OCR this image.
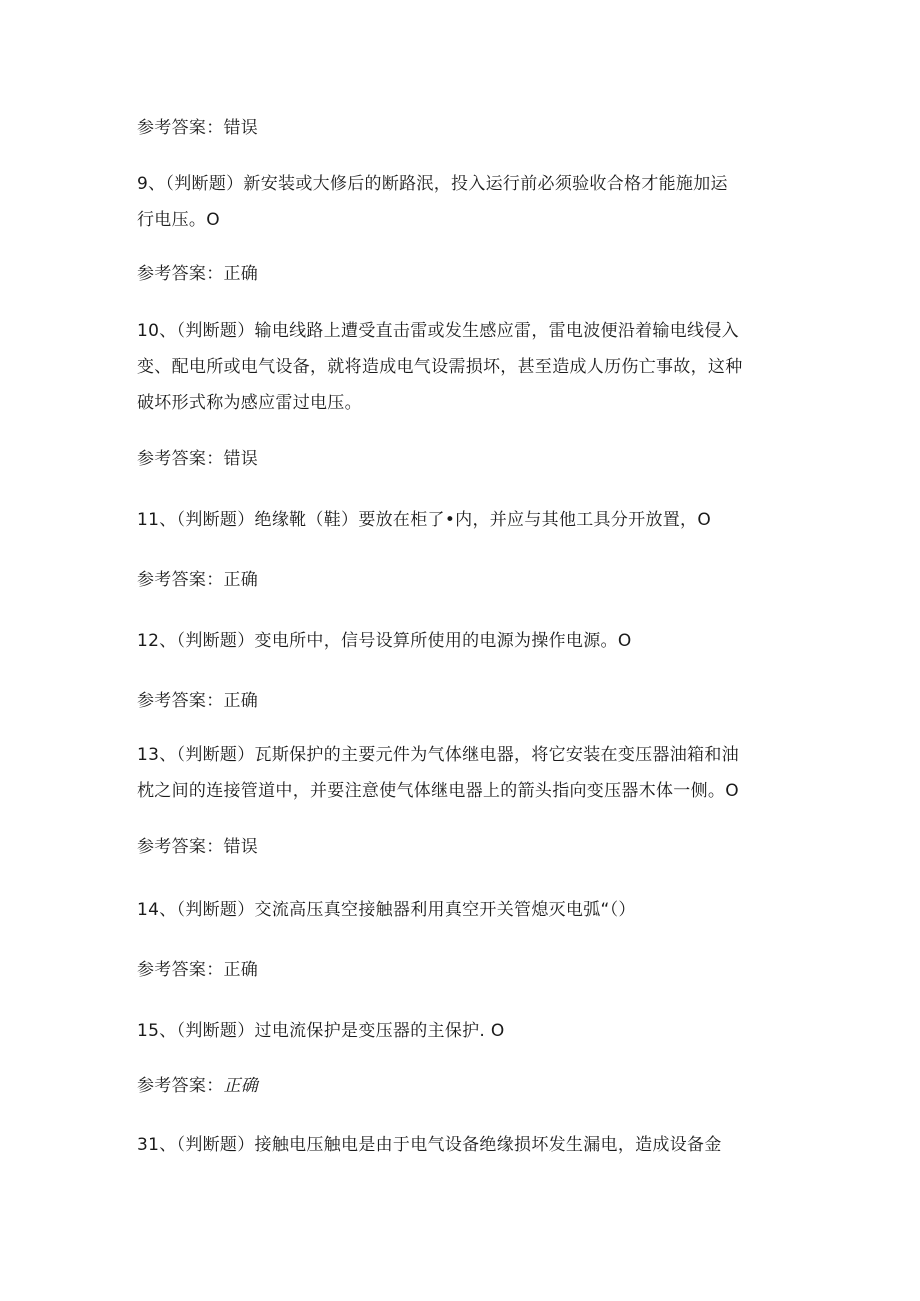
参考答案：错误
9、（判断题）新安装或大修后的断路泯，投入运行前必须验收合格才能施加运
行电压。O
参考答案：正确
10、（判断题）输电线路上遭受直击雷或发生感应雷，雷电波便沿着输电线侵入
变、配电所或电气设备，就将造成电气设需损坏，甚至造成人历伤亡事故，这种
破坏形式称为感应雷过电压。
参考答案：错误
11、（判断题）绝缘靴（鞋）要放在柜了•内，并应与其他工具分开放置，O
参考答案：正确
12、（判断题）变电所中，信号设算所使用的电源为操作电源。O
参考答案：正确
13、（判断题）瓦斯保护的主要元件为气体继电器，将它安装在变压器油箱和油
枕之间的连接管道中，并要注意使气体继电器上的箭头指向变压器木体一侧。O
参考答案：错误
14、（判断题）交流高压真空接触器利用真空开关管熄灭电弧“（）
参考答案：正确
15、（判断题）过电流保护是变压器的主保护. O
参考答案：正确
31、（判断题）接触电压触电是由于电气设备绝缘损坏发生漏电，造成设备金
